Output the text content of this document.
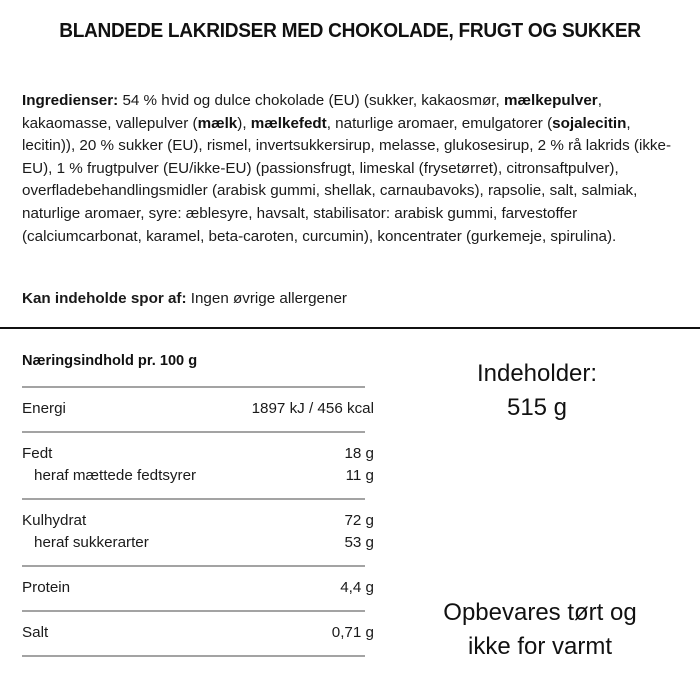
BLANDEDE LAKRIDSER MED CHOKOLADE, FRUGT OG SUKKER
Ingredienser: 54 % hvid og dulce chokolade (EU) (sukker, kakaosmør, mælkepulver, kakaomasse, vallepulver (mælk), mælkefedt, naturlige aromaer, emulgatorer (sojalecitin, lecitin)), 20 % sukker (EU), rismel, invertsukkersirup, melasse, glukosesirup, 2 % rå lakrids (ikke-EU), 1 % frugtpulver (EU/ikke-EU) (passionsfrugt, limeskal (frysetørret), citronsaftpulver), overfladebehandlingsmidler (arabisk gummi, shellak, carnaubavoks), rapsolie, salt, salmiak, naturlige aromaer, syre: æblesyre, havsalt, stabilisator: arabisk gummi, farvestoffer (calciumcarbonat, karamel, beta-caroten, curcumin), koncentrater (gurkemeje, spirulina).
Kan indeholde spor af: Ingen øvrige allergener
Næringsindhold pr. 100 g
Energi	1897 kJ / 456 kcal
Fedt	18 g
heraf mættede fedtsyrer	11 g
Kulhydrat	72 g
heraf sukkerarter	53 g
Protein	4,4 g
Salt	0,71 g
Indeholder:
515 g
Opbevares tørt og
ikke for varmt
